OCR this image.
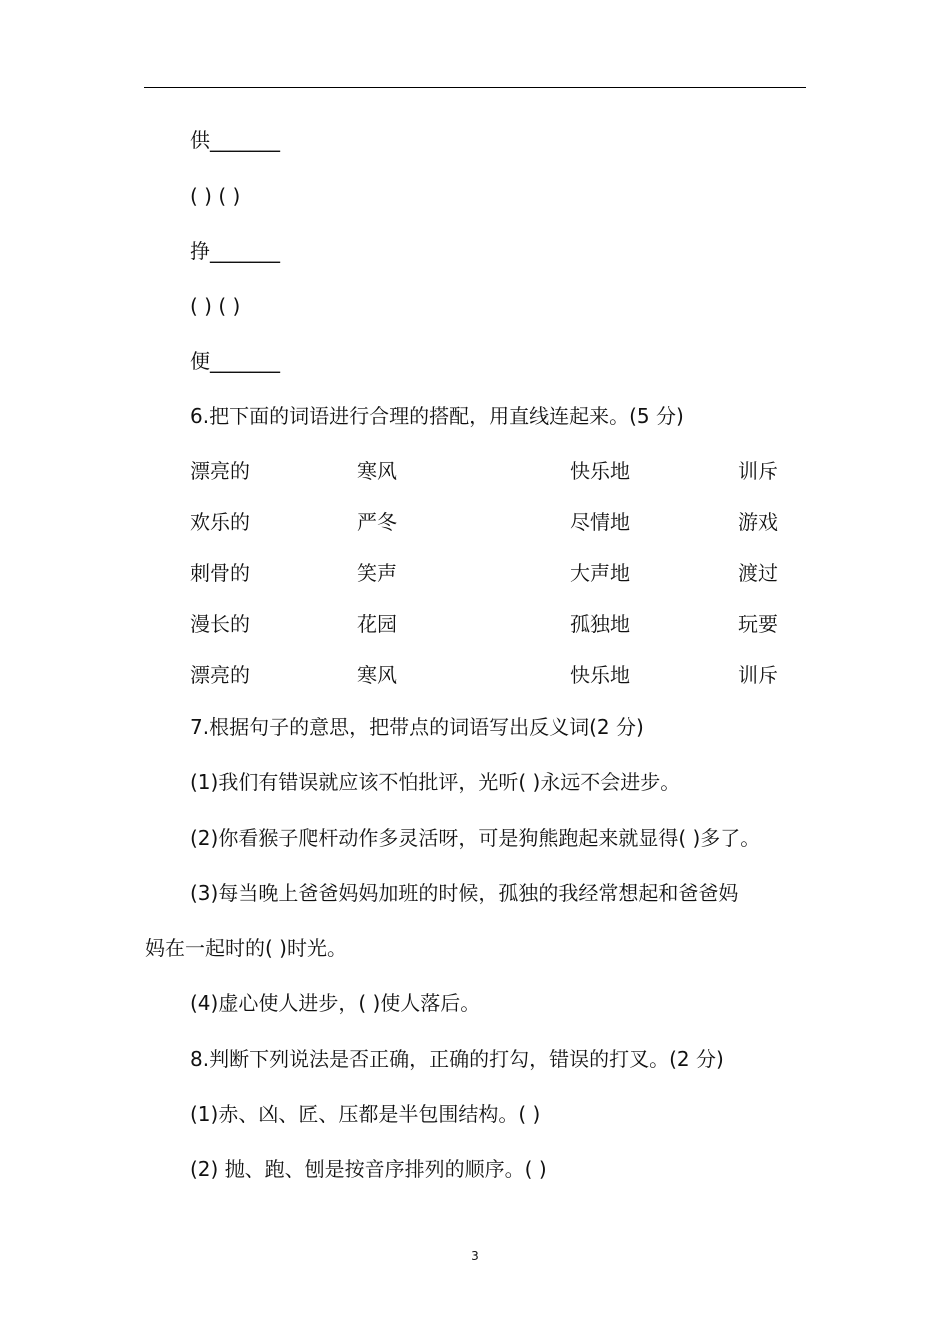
供_______
( ) ( )
挣_______
( ) ( )
便_______
6.把下面的词语进行合理的搭配，用直线连起来。(5 分)
漂亮的	寒风	快乐地	训斥
欢乐的	严冬	尽情地	游戏
刺骨的	笑声	大声地	渡过
漫长的	花园	孤独地	玩要
漂亮的	寒风	快乐地	训斥
7.根据句子的意思，把带点的词语写出反义词(2 分)
(1)我们有错误就应该不怕批评，光听( )永远不会进步。
(2)你看猴子爬杆动作多灵活呀，可是狗熊跑起来就显得( )多了。
(3)每当晚上爸爸妈妈加班的时候，孤独的我经常想起和爸爸妈
妈在一起时的( )时光。
(4)虚心使人进步，( )使人落后。
8.判断下列说法是否正确，正确的打勾，错误的打叉。(2 分)
(1)赤、凶、匠、压都是半包围结构。( )
(2) 抛、跑、刨是按音序排列的顺序。( )
3
